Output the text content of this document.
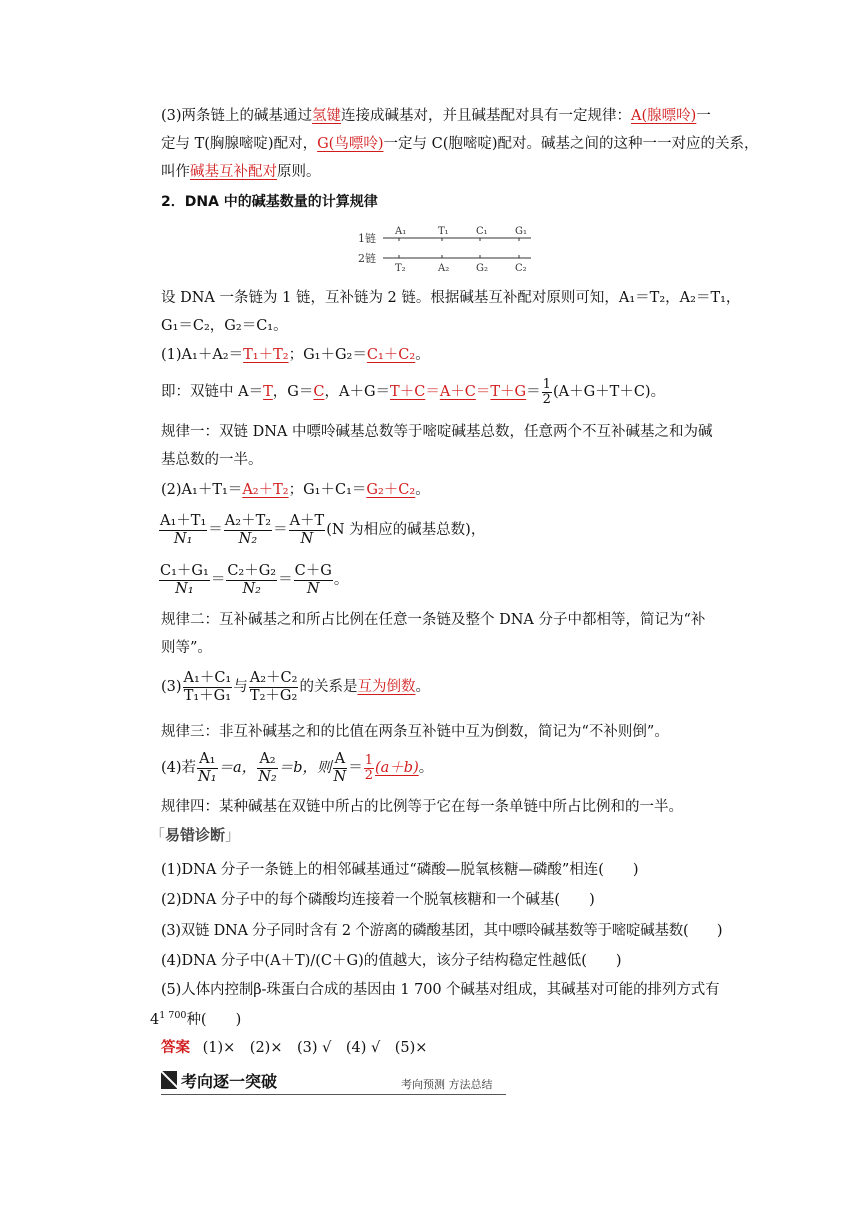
(3)两条链上的碱基通过氢键连接成碱基对，并且碱基配对具有一定规律：A(腺嘌呤)一
定与 T(胸腺嘧啶)配对，G(鸟嘌呤)一定与 C(胞嘧啶)配对。碱基之间的这种一一对应的关系，
叫作碱基互补配对原则。
2．DNA 中的碱基数量的计算规律
1链
2链
A₁	T₁	C₁	G₁
T₂	A₂	G₂	C₂
设 DNA 一条链为 1 链，互补链为 2 链。根据碱基互补配对原则可知，A₁＝T₂，A₂＝T₁，
G₁＝C₂，G₂＝C₁。
(1)A₁＋A₂＝T₁＋T₂；G₁＋G₂＝C₁＋C₂。
即：双链中 A＝ T ，G＝ C ，$A+G= T+C = A+C = T+G = \frac{1}{2} (A+G+T+C)$。
规律一：双链 DNA 中嘌呤碱基总数等于嘧啶碱基总数，任意两个不互补碱基之和为碱
基总数的一半。
(2)A₁＋T₁＝A₂＋T₂；G₁＋C₁＝G₂＋C₂。
$\frac{\text{A₁＋T₁}}{\text{N₁}} = \frac{\text{A₂＋T₂}}{\text{N₂}} = \frac{A+T}{N} (N$ 为相应的碱基总数)，
$\frac{\text{C₁＋G₁}}{\text{N₁}} = \frac{\text{C₂＋G₂}}{\text{N₂}} = \frac{C+G}{N}$ 。
规律二：互补碱基之和所占比例在任意一条链及整个 DNA 分子中都相等，简记为“补
则等”。
$(3) \frac{\text{A₁＋C₁}}{\text{T₁＋G₁}}$ 与 $\frac{\text{A₂＋C₂}}{\text{T₂＋G₂}}$ 的关系是 互为倒数 。
规律三：非互补碱基之和的比值在两条互补链中互为倒数，简记为“不补则倒”。
(4)若 $\frac{\text{A₁}}{\text{N₁}} =a$， $\frac{\text{A₂}}{\text{N₂}} =b$，则 $\frac{A}{N} = \frac{1}{2} (a+b)$ 。
规律四：某种碱基在双链中所占的比例等于它在每一条单链中所占比例和的一半。
「易错诊断」
(1)DNA 分子一条链上的相邻碱基通过“磷酸—脱氧核糖—磷酸”相连(　　)
(2)DNA 分子中的每个磷酸均连接着一个脱氧核糖和一个碱基(　　)
(3)双链 DNA 分子同时含有 2 个游离的磷酸基团，其中嘌呤碱基数等于嘧啶碱基数(　　)
(4)DNA 分子中(A＋T)/(C＋G)的值越大，该分子结构稳定性越低(　　)
(5)人体内控制β-珠蛋白合成的基因由 1 700 个碱基对组成，其碱基对可能的排列方式有
$4^{1 700}$种(　　)
答案 (1)×　(2)×　(3) √　(4) √　(5)×
考向逐一突破	考向预测 方法总结
